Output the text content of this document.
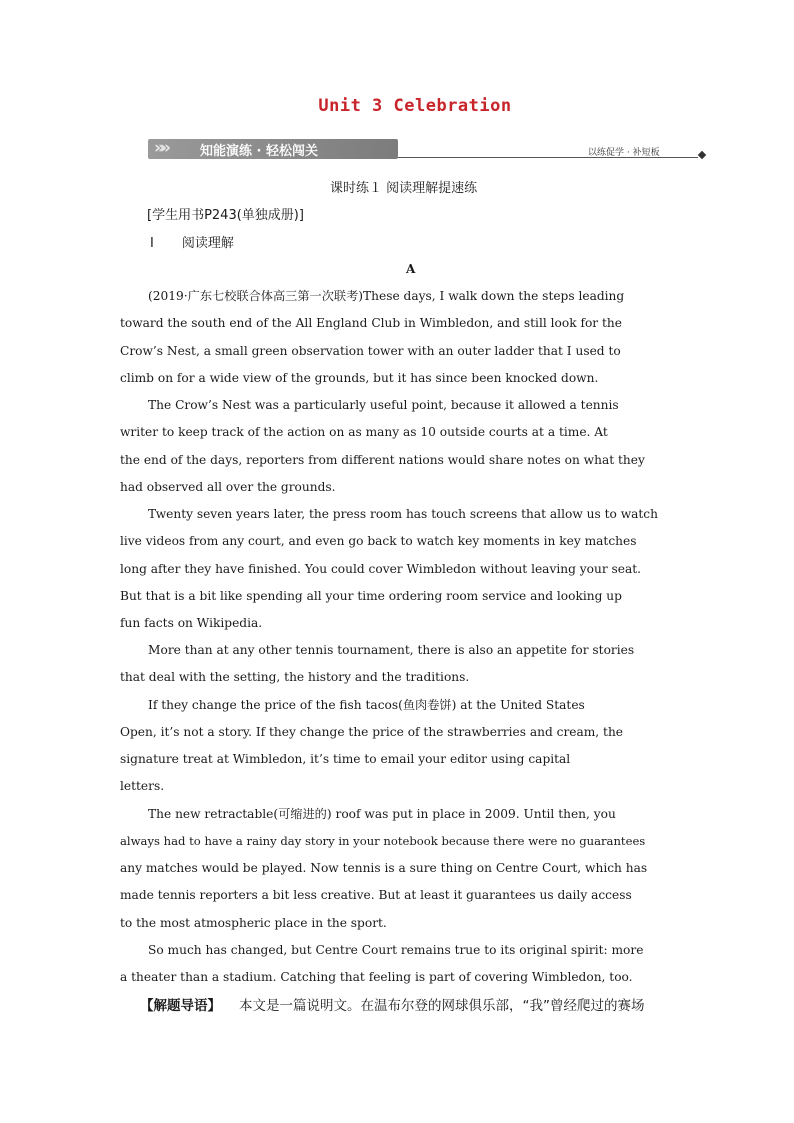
Unit 3 Celebration
»»	知能演练 · 轻松闯关	以练促学 · 补短板
课时练１ 阅读理解提速练
[学生用书P243(单独成册)]
Ⅰ 阅读理解
A
(2019·广东七校联合体高三第一次联考)These days, I walk down the steps leading
toward the south end of the All England Club in Wimbledon, and still look for the
Crow’s Nest, a small green observation tower with an outer ladder that I used to
climb on for a wide view of the grounds, but it has since been knocked down.
The Crow’s Nest was a particularly useful point, because it allowed a tennis
writer to keep track of the action on as many as 10 outside courts at a time. At
the end of the days, reporters from different nations would share notes on what they
had observed all over the grounds.
Twenty seven years later, the press room has touch screens that allow us to watch
live videos from any court, and even go back to watch key moments in key matches
long after they have finished. You could cover Wimbledon without leaving your seat.
But that is a bit like spending all your time ordering room service and looking up
fun facts on Wikipedia.
More than at any other tennis tournament, there is also an appetite for stories
that deal with the setting, the history and the traditions.
If they change the price of the fish tacos(鱼肉卷饼) at the United States
Open, it’s not a story. If they change the price of the strawberries and cream, the
signature treat at Wimbledon, it’s time to email your editor using capital
letters.
The new retractable(可缩进的) roof was put in place in 2009. Until then, you
always had to have a rainy day story in your notebook because there were no guarantees
any matches would be played. Now tennis is a sure thing on Centre Court, which has
made tennis reporters a bit less creative. But at least it guarantees us daily access
to the most atmospheric place in the sport.
So much has changed, but Centre Court remains true to its original spirit: more
a theater than a stadium. Catching that feeling is part of covering Wimbledon, too.
【解题导语】 本文是一篇说明文。在温布尔登的网球俱乐部，“我”曾经爬过的赛场
